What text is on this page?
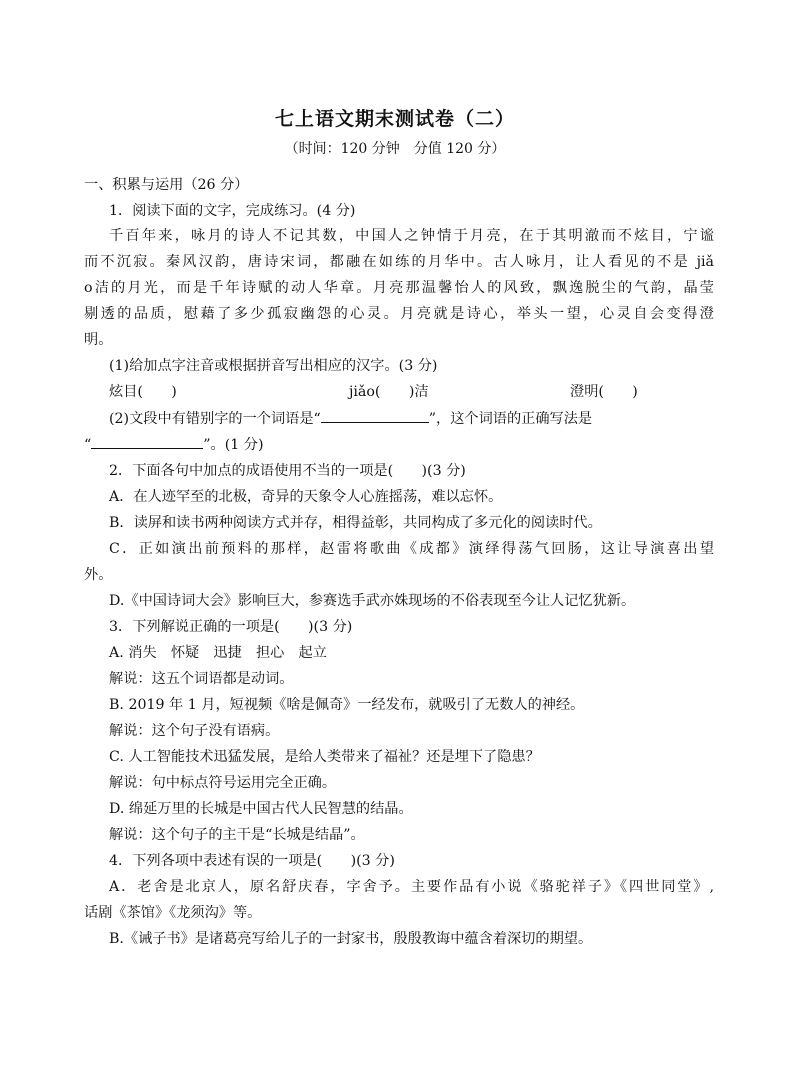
七上语文期末测试卷（二）
（时间：120 分钟　分值 120 分）
一、积累与运用（26 分）
1．阅读下面的文字，完成练习。(4 分)
千百年来，咏月的诗人不记其数，中国人之钟情于月亮，在于其明澈而不炫目，宁谧
而不沉寂。秦风汉韵，唐诗宋词，都融在如练的月华中。古人咏月，让人看见的不是 jiǎ
o洁的月光，而是千年诗赋的动人华章。月亮那温馨怡人的风致，飘逸脱尘的气韵，晶莹
剔透的品质，慰藉了多少孤寂幽怨的心灵。月亮就是诗心，举头一望，心灵自会变得澄
明。
(1)给加点字注音或根据拼音写出相应的汉字。(3 分)
炫目(　　)	jiǎo(　　)洁	澄明(　　)
(2)文段中有错别字的一个词语是“	”，这个词语的正确写法是
“	”。(1 分)
2．下面各句中加点的成语使用不当的一项是(　　)(3 分)
A．在人迹罕至的北极，奇异的天象令人心旌摇荡，难以忘怀。
B．读屏和读书两种阅读方式并存，相得益彰，共同构成了多元化的阅读时代。
C．正如演出前预料的那样，赵雷将歌曲《成都》演绎得荡气回肠，这让导演喜出望
外。
D.《中国诗词大会》影响巨大，参赛选手武亦姝现场的不俗表现至今让人记忆犹新。
3．下列解说正确的一项是(　　)(3 分)
A. 消失　怀疑　迅捷　担心　起立
解说：这五个词语都是动词。
B. 2019 年 1 月，短视频《啥是佩奇》一经发布，就吸引了无数人的神经。
解说：这个句子没有语病。
C. 人工智能技术迅猛发展，是给人类带来了福祉？还是埋下了隐患？
解说：句中标点符号运用完全正确。
D. 绵延万里的长城是中国古代人民智慧的结晶。
解说：这个句子的主干是“长城是结晶”。
4．下列各项中表述有误的一项是(　　)(3 分)
A．老舍是北京人，原名舒庆春，字舍予。主要作品有小说《骆驼祥子》《四世同堂》,
话剧《茶馆》《龙须沟》等。
B.《诫子书》是诸葛亮写给儿子的一封家书，殷殷教诲中蕴含着深切的期望。
